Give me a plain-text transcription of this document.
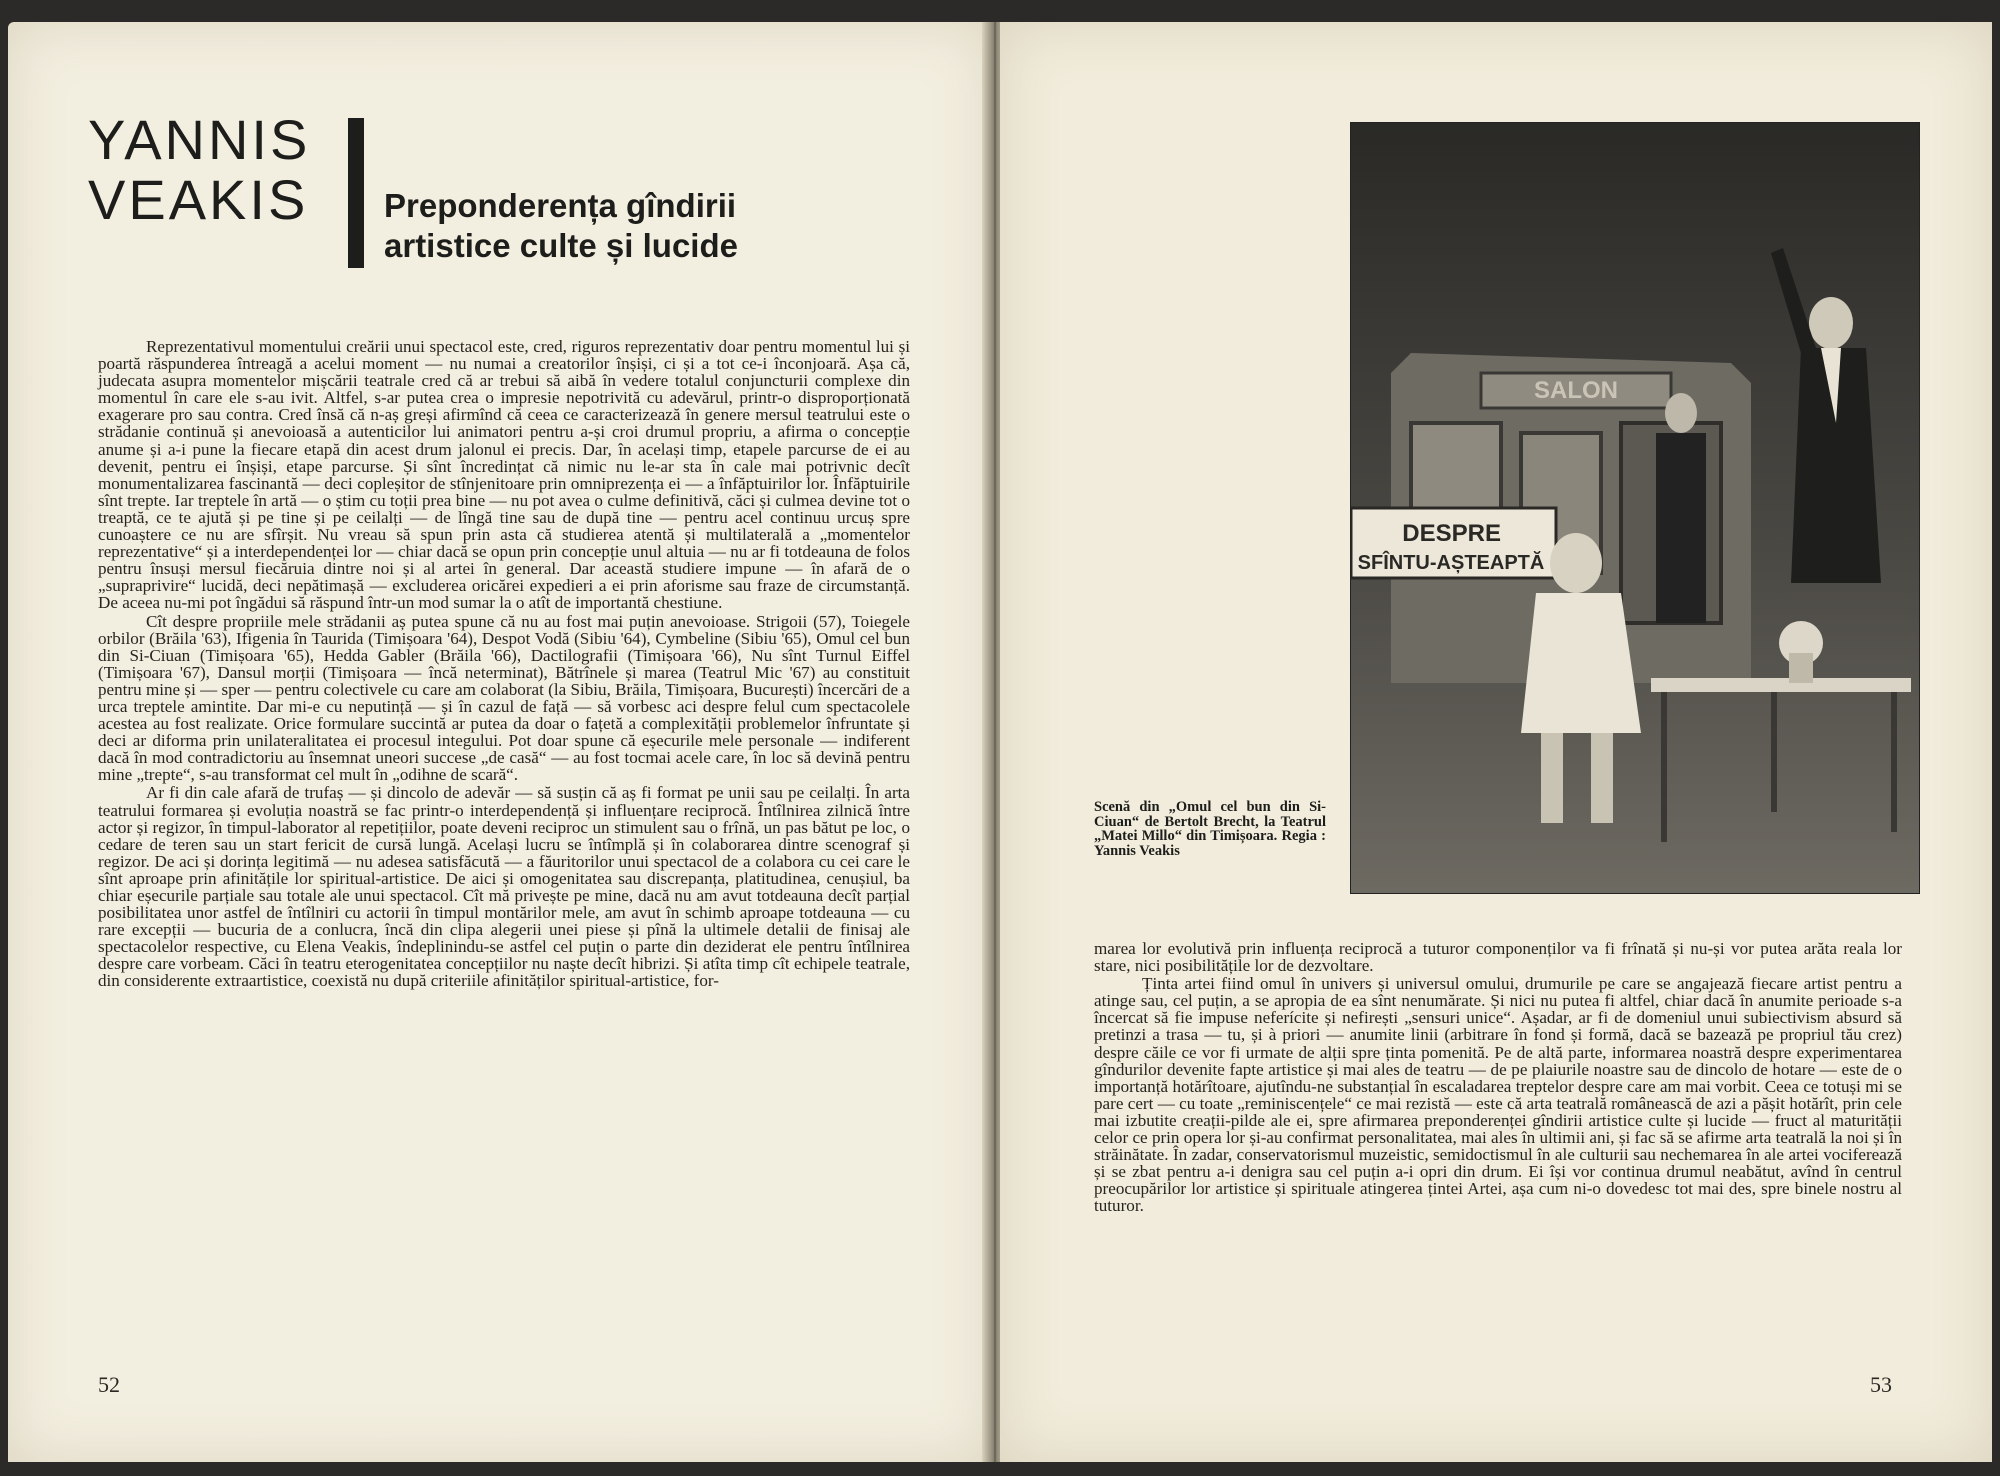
YANNIS
VEAKIS Preponderența gîndirii
artistice culte și lucide

Reprezentativul momentului creării unui spectacol este, cred, riguros reprezentativ doar pentru momentul lui și poartă răspunderea întreagă a acelui moment — nu numai a creatorilor înșiși, ci și a tot ce-i înconjoară. Așa că, judecata asupra momentelor mișcării teatrale cred că ar trebui să aibă în vedere totalul conjuncturii complexe din momentul în care ele s-au ivit. Altfel, s-ar putea crea o impresie nepotrivită cu adevărul, printr-o disproporționată exagerare pro sau contra. Cred însă că n-aș greși afirmînd că ceea ce caracterizează în genere mersul teatrului este o strădanie continuă și anevoioasă a autenticilor lui animatori pentru a-și croi drumul propriu, a afirma o concepție anume și a-i pune la fiecare etapă din acest drum jalonul ei precis. Dar, în același timp, etapele parcurse de ei au devenit, pentru ei înșiși, etape parcurse. Și sînt încredințat că nimic nu le-ar sta în cale mai potrivnic decît monumentalizarea fascinantă — deci copleșitor de stînjenitoare prin omniprezența ei — a înfăptuirilor lor. Înfăptuirile sînt trepte. Iar treptele în artă — o știm cu toții prea bine — nu pot avea o culme definitivă, căci și culmea devine tot o treaptă, ce te ajută și pe tine și pe ceilalți — de lîngă tine sau de după tine — pentru acel continuu urcuș spre cunoaștere ce nu are sfîrșit. Nu vreau să spun prin asta că studierea atentă și multilaterală a „momentelor reprezentative“ și a interdependenței lor — chiar dacă se opun prin concepție unul altuia — nu ar fi totdeauna de folos pentru însuși mersul fiecăruia dintre noi și al artei în general. Dar această studiere impune — în afară de o „supraprivire“ lucidă, deci nepătimașă — excluderea oricărei expedieri a ei prin aforisme sau fraze de circumstanță. De aceea nu-mi pot îngădui să răspund într-un mod sumar la o atît de importantă chestiune.

Cît despre propriile mele strădanii aș putea spune că nu au fost mai puțin anevoioase. Strigoii (57), Toiegele orbilor (Brăila '63), Ifigenia în Taurida (Timișoara '64), Despot Vodă (Sibiu '64), Cymbeline (Sibiu '65), Omul cel bun din Si-Ciuan (Timișoara '65), Hedda Gabler (Brăila '66), Dactilografii (Timișoara '66), Nu sînt Turnul Eiffel (Timișoara '67), Dansul morții (Timișoara — încă neterminat), Bătrînele și marea (Teatrul Mic '67) au constituit pentru mine și — sper — pentru colectivele cu care am colaborat (la Sibiu, Brăila, Timișoara, București) încercări de a urca treptele amintite. Dar mi-e cu neputință — și în cazul de față — să vorbesc aci despre felul cum spectacolele acestea au fost realizate. Orice formulare succintă ar putea da doar o fațetă a complexității problemelor înfruntate și deci ar diforma prin unilateralitatea ei procesul integului. Pot doar spune că eșecurile mele personale — indiferent dacă în mod contradictoriu au însemnat uneori succese „de casă“ — au fost tocmai acele care, în loc să devină pentru mine „trepte“, s-au transformat cel mult în „odihne de scară“.

Ar fi din cale afară de trufaș — și dincolo de adevăr — să susțin că aș fi format pe unii sau pe ceilalți. În arta teatrului formarea și evoluția noastră se fac printr-o interdependență și influențare reciprocă. Întîlnirea zilnică între actor și regizor, în timpul-laborator al repetițiilor, poate deveni reciproc un stimulent sau o frînă, un pas bătut pe loc, o cedare de teren sau un start fericit de cursă lungă. Același lucru se întîmplă și în colaborarea dintre scenograf și regizor. De aci și dorința legitimă — nu adesea satisfăcută — a făuritorilor unui spectacol de a colabora cu cei care le sînt aproape prin afinitățile lor spiritual-artistice. De aici și omogenitatea sau discrepanța, platitudinea, cenușiul, ba chiar eșecurile parțiale sau totale ale unui spectacol. Cît mă privește pe mine, dacă nu am avut totdeauna decît parțial posibilitatea unor astfel de întîlniri cu actorii în timpul montărilor mele, am avut în schimb aproape totdeauna — cu rare excepții — bucuria de a conlucra, încă din clipa alegerii unei piese și pînă la ultimele detalii de finisaj ale spectacolelor respective, cu Elena Veakis, îndeplinindu-se astfel cel puțin o parte din deziderat ele pentru întîlnirea despre care vorbeam. Căci în teatru eterogenitatea concepțiilor nu naște decît hibrizi. Și atîta timp cît echipele teatrale, din considerente extraartistice, coexistă nu după criteriile afinităților spiritual-artistice, for-

52
SALON
DESPRE
SFÎNTU-AȘTEAPTĂ
Scenă din „Omul cel bun din Si-Ciuan“ de Bertolt Brecht, la Teatrul „Matei Millo“ din Timișoara. Regia : Yannis Veakis

marea lor evolutivă prin influența reciprocă a tuturor componenților va fi frînată și nu-și vor putea arăta reala lor stare, nici posibilitățile lor de dezvoltare.

Ținta artei fiind omul în univers și universul omului, drumurile pe care se angajează fiecare artist pentru a atinge sau, cel puțin, a se apropia de ea sînt nenumărate. Și nici nu putea fi altfel, chiar dacă în anumite perioade s-a încercat să fie impuse neferícite și nefirești „sensuri unice“. Așadar, ar fi de domeniul unui subiectivism absurd să pretinzi a trasa — tu, și à priori — anumite linii (arbitrare în fond și formă, dacă se bazează pe propriul tău crez) despre căile ce vor fi urmate de alții spre ținta pomenită. Pe de altă parte, informarea noastră despre experimentarea gîndurilor devenite fapte artistice și mai ales de teatru — de pe plaiurile noastre sau de dincolo de hotare — este de o importanță hotărîtoare, ajutîndu-ne substanțial în escaladarea treptelor despre care am mai vorbit. Ceea ce totuși mi se pare cert — cu toate „reminiscențele“ ce mai rezistă — este că arta teatrală românească de azi a pășit hotărît, prin cele mai izbutite creații-pilde ale ei, spre afirmarea preponderenței gîndirii artistice culte și lucide — fruct al maturității celor ce prin opera lor și-au confirmat personalitatea, mai ales în ultimii ani, și fac să se afirme arta teatrală la noi și în străinătate. În zadar, conservatorismul muzeistic, semidoctismul în ale culturii sau nechemarea în ale artei vociferează și se zbat pentru a-i denigra sau cel puțin a-i opri din drum. Ei își vor continua drumul neabătut, avînd în centrul preocupărilor lor artistice și spirituale atingerea țintei Artei, așa cum ni-o dovedesc tot mai des, spre binele nostru al tuturor.

53
